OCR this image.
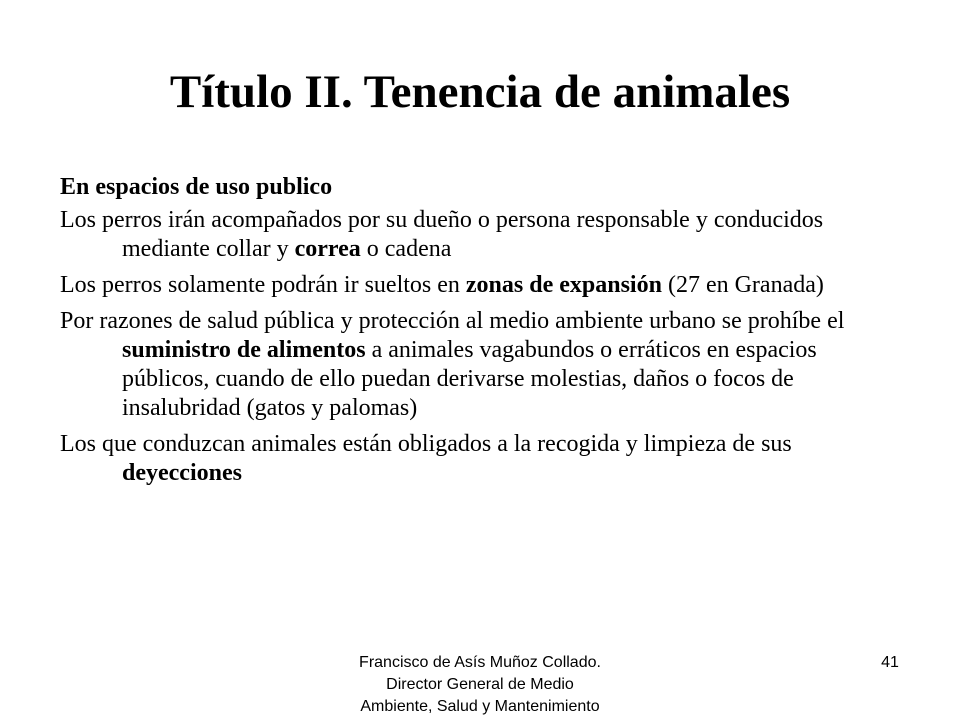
Título II. Tenencia de animales
En espacios de uso publico
Los perros irán acompañados por su dueño o persona responsable y conducidos mediante collar y correa o cadena
Los perros solamente podrán ir sueltos en zonas de expansión (27 en Granada)
Por razones de salud pública y protección al medio ambiente urbano se prohíbe el suministro de alimentos a animales vagabundos o erráticos en espacios públicos, cuando de ello puedan derivarse molestias, daños o focos de insalubridad (gatos y palomas)
Los que conduzcan animales están obligados a la recogida y limpieza de sus deyecciones
Francisco de Asís Muñoz Collado.
Director General de Medio
Ambiente, Salud y Mantenimiento
41
